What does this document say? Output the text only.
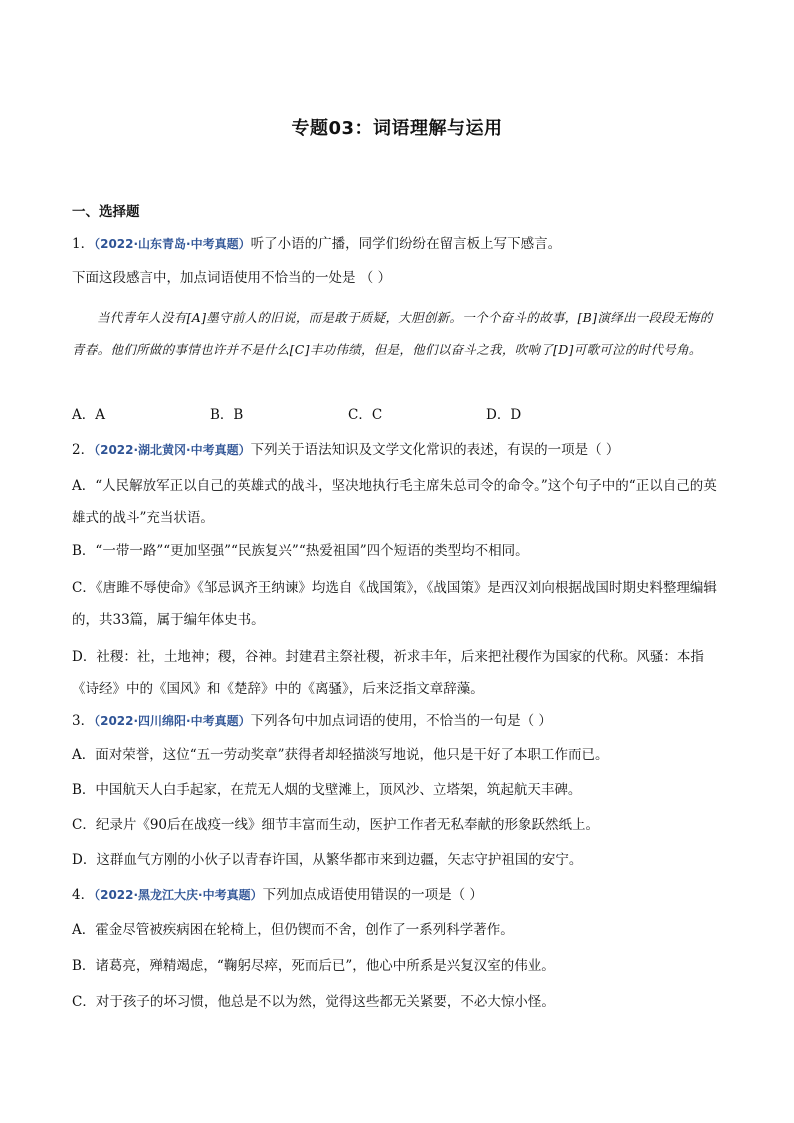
专题03：词语理解与运用
一、选择题
1．（2022·山东青岛·中考真题）听了小语的广播，同学们纷纷在留言板上写下感言。
下面这段感言中，加点词语使用不恰当的一处是 （ ）
当代青年人没有[A]墨守前人的旧说，而是敢于质疑，大胆创新。一个个奋斗的故事，[B]演绎出一段段无悔的青春。他们所做的事情也许并不是什么[C]丰功伟绩，但是，他们以奋斗之我，吹响了[D]可歌可泣的时代号角。
A．A	B．B	C．C	D．D
2．（2022·湖北黄冈·中考真题）下列关于语法知识及文学文化常识的表述，有误的一项是（ ）
A．“人民解放军正以自己的英雄式的战斗，坚决地执行毛主席朱总司令的命令。”这个句子中的“正以自己的英雄式的战斗”充当状语。
B．“一带一路”“更加坚强”“民族复兴”“热爱祖国”四个短语的类型均不相同。
C．《唐雎不辱使命》《邹忌讽齐王纳谏》均选自《战国策》，《战国策》是西汉刘向根据战国时期史料整理编辑的，共33篇，属于编年体史书。
D．社稷：社，土地神；稷，谷神。封建君主祭社稷，祈求丰年，后来把社稷作为国家的代称。风骚：本指《诗经》中的《国风》和《楚辞》中的《离骚》，后来泛指文章辞藻。
3．（2022·四川绵阳·中考真题）下列各句中加点词语的使用，不恰当的一句是（ ）
A．面对荣誉，这位“五一劳动奖章”获得者却轻描淡写地说，他只是干好了本职工作而已。
B．中国航天人白手起家，在荒无人烟的戈壁滩上，顶风沙、立塔架，筑起航天丰碑。
C．纪录片《90后在战疫一线》细节丰富而生动，医护工作者无私奉献的形象跃然纸上。
D．这群血气方刚的小伙子以青春许国，从繁华都市来到边疆，矢志守护祖国的安宁。
4．（2022·黑龙江大庆·中考真题）下列加点成语使用错误的一项是（ ）
A．霍金尽管被疾病困在轮椅上，但仍锲而不舍，创作了一系列科学著作。
B．诸葛亮，殚精竭虑，“鞠躬尽瘁，死而后已”，他心中所系是兴复汉室的伟业。
C．对于孩子的坏习惯，他总是不以为然，觉得这些都无关紧要，不必大惊小怪。
